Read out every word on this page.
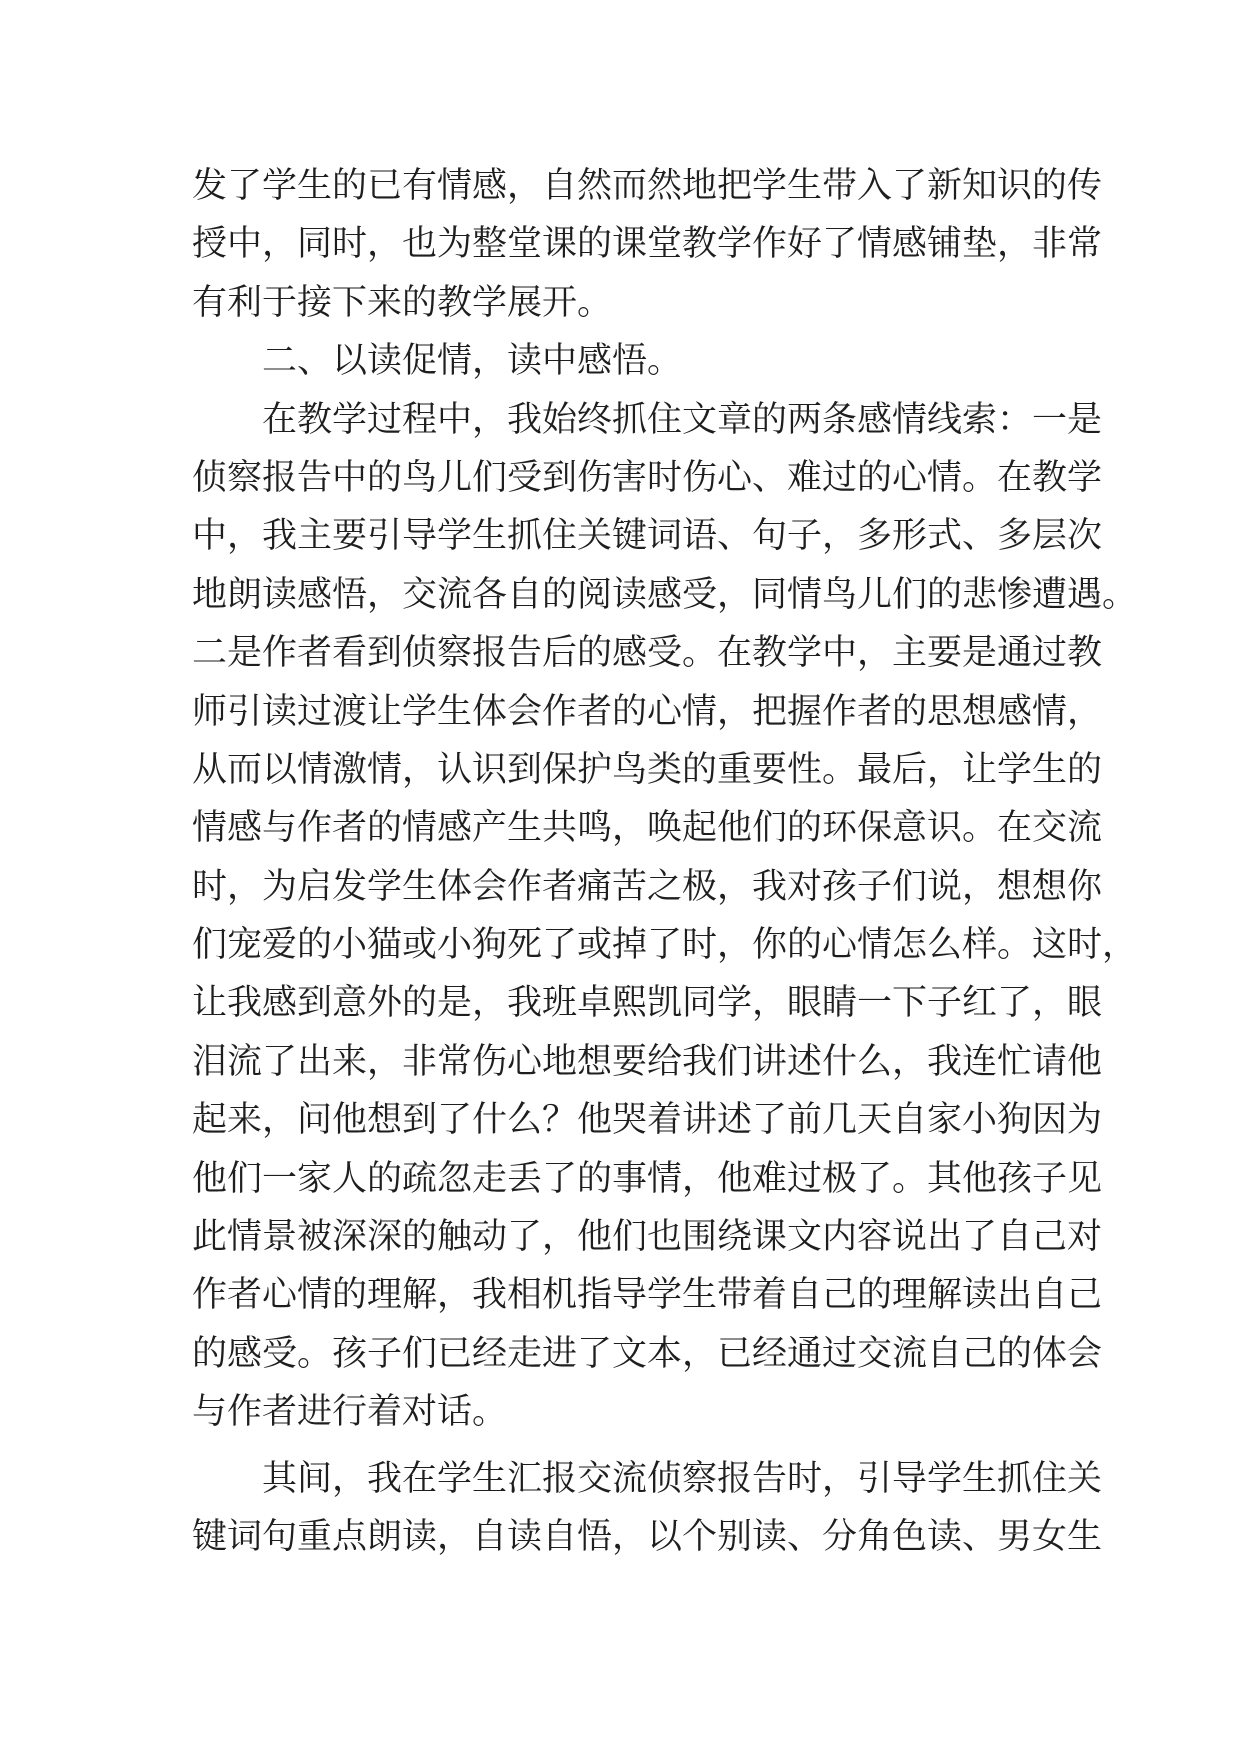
发了学生的已有情感，自然而然地把学生带入了新知识的传
授中，同时，也为整堂课的课堂教学作好了情感铺垫，非常
有利于接下来的教学展开。
　　二、以读促情，读中感悟。
　　在教学过程中，我始终抓住文章的两条感情线索：一是
侦察报告中的鸟儿们受到伤害时伤心、难过的心情。在教学
中，我主要引导学生抓住关键词语、句子，多形式、多层次
地朗读感悟，交流各自的阅读感受，同情鸟儿们的悲惨遭遇。
二是作者看到侦察报告后的感受。在教学中，主要是通过教
师引读过渡让学生体会作者的心情，把握作者的思想感情，
从而以情激情，认识到保护鸟类的重要性。最后，让学生的
情感与作者的情感产生共鸣，唤起他们的环保意识。在交流
时，为启发学生体会作者痛苦之极，我对孩子们说，想想你
们宠爱的小猫或小狗死了或掉了时，你的心情怎么样。这时，
让我感到意外的是，我班卓熙凯同学，眼睛一下子红了，眼
泪流了出来，非常伤心地想要给我们讲述什么，我连忙请他
起来，问他想到了什么？他哭着讲述了前几天自家小狗因为
他们一家人的疏忽走丢了的事情，他难过极了。其他孩子见
此情景被深深的触动了，他们也围绕课文内容说出了自己对
作者心情的理解，我相机指导学生带着自己的理解读出自己
的感受。孩子们已经走进了文本，已经通过交流自己的体会
与作者进行着对话。
　　其间，我在学生汇报交流侦察报告时，引导学生抓住关
键词句重点朗读，自读自悟，以个别读、分角色读、男女生
